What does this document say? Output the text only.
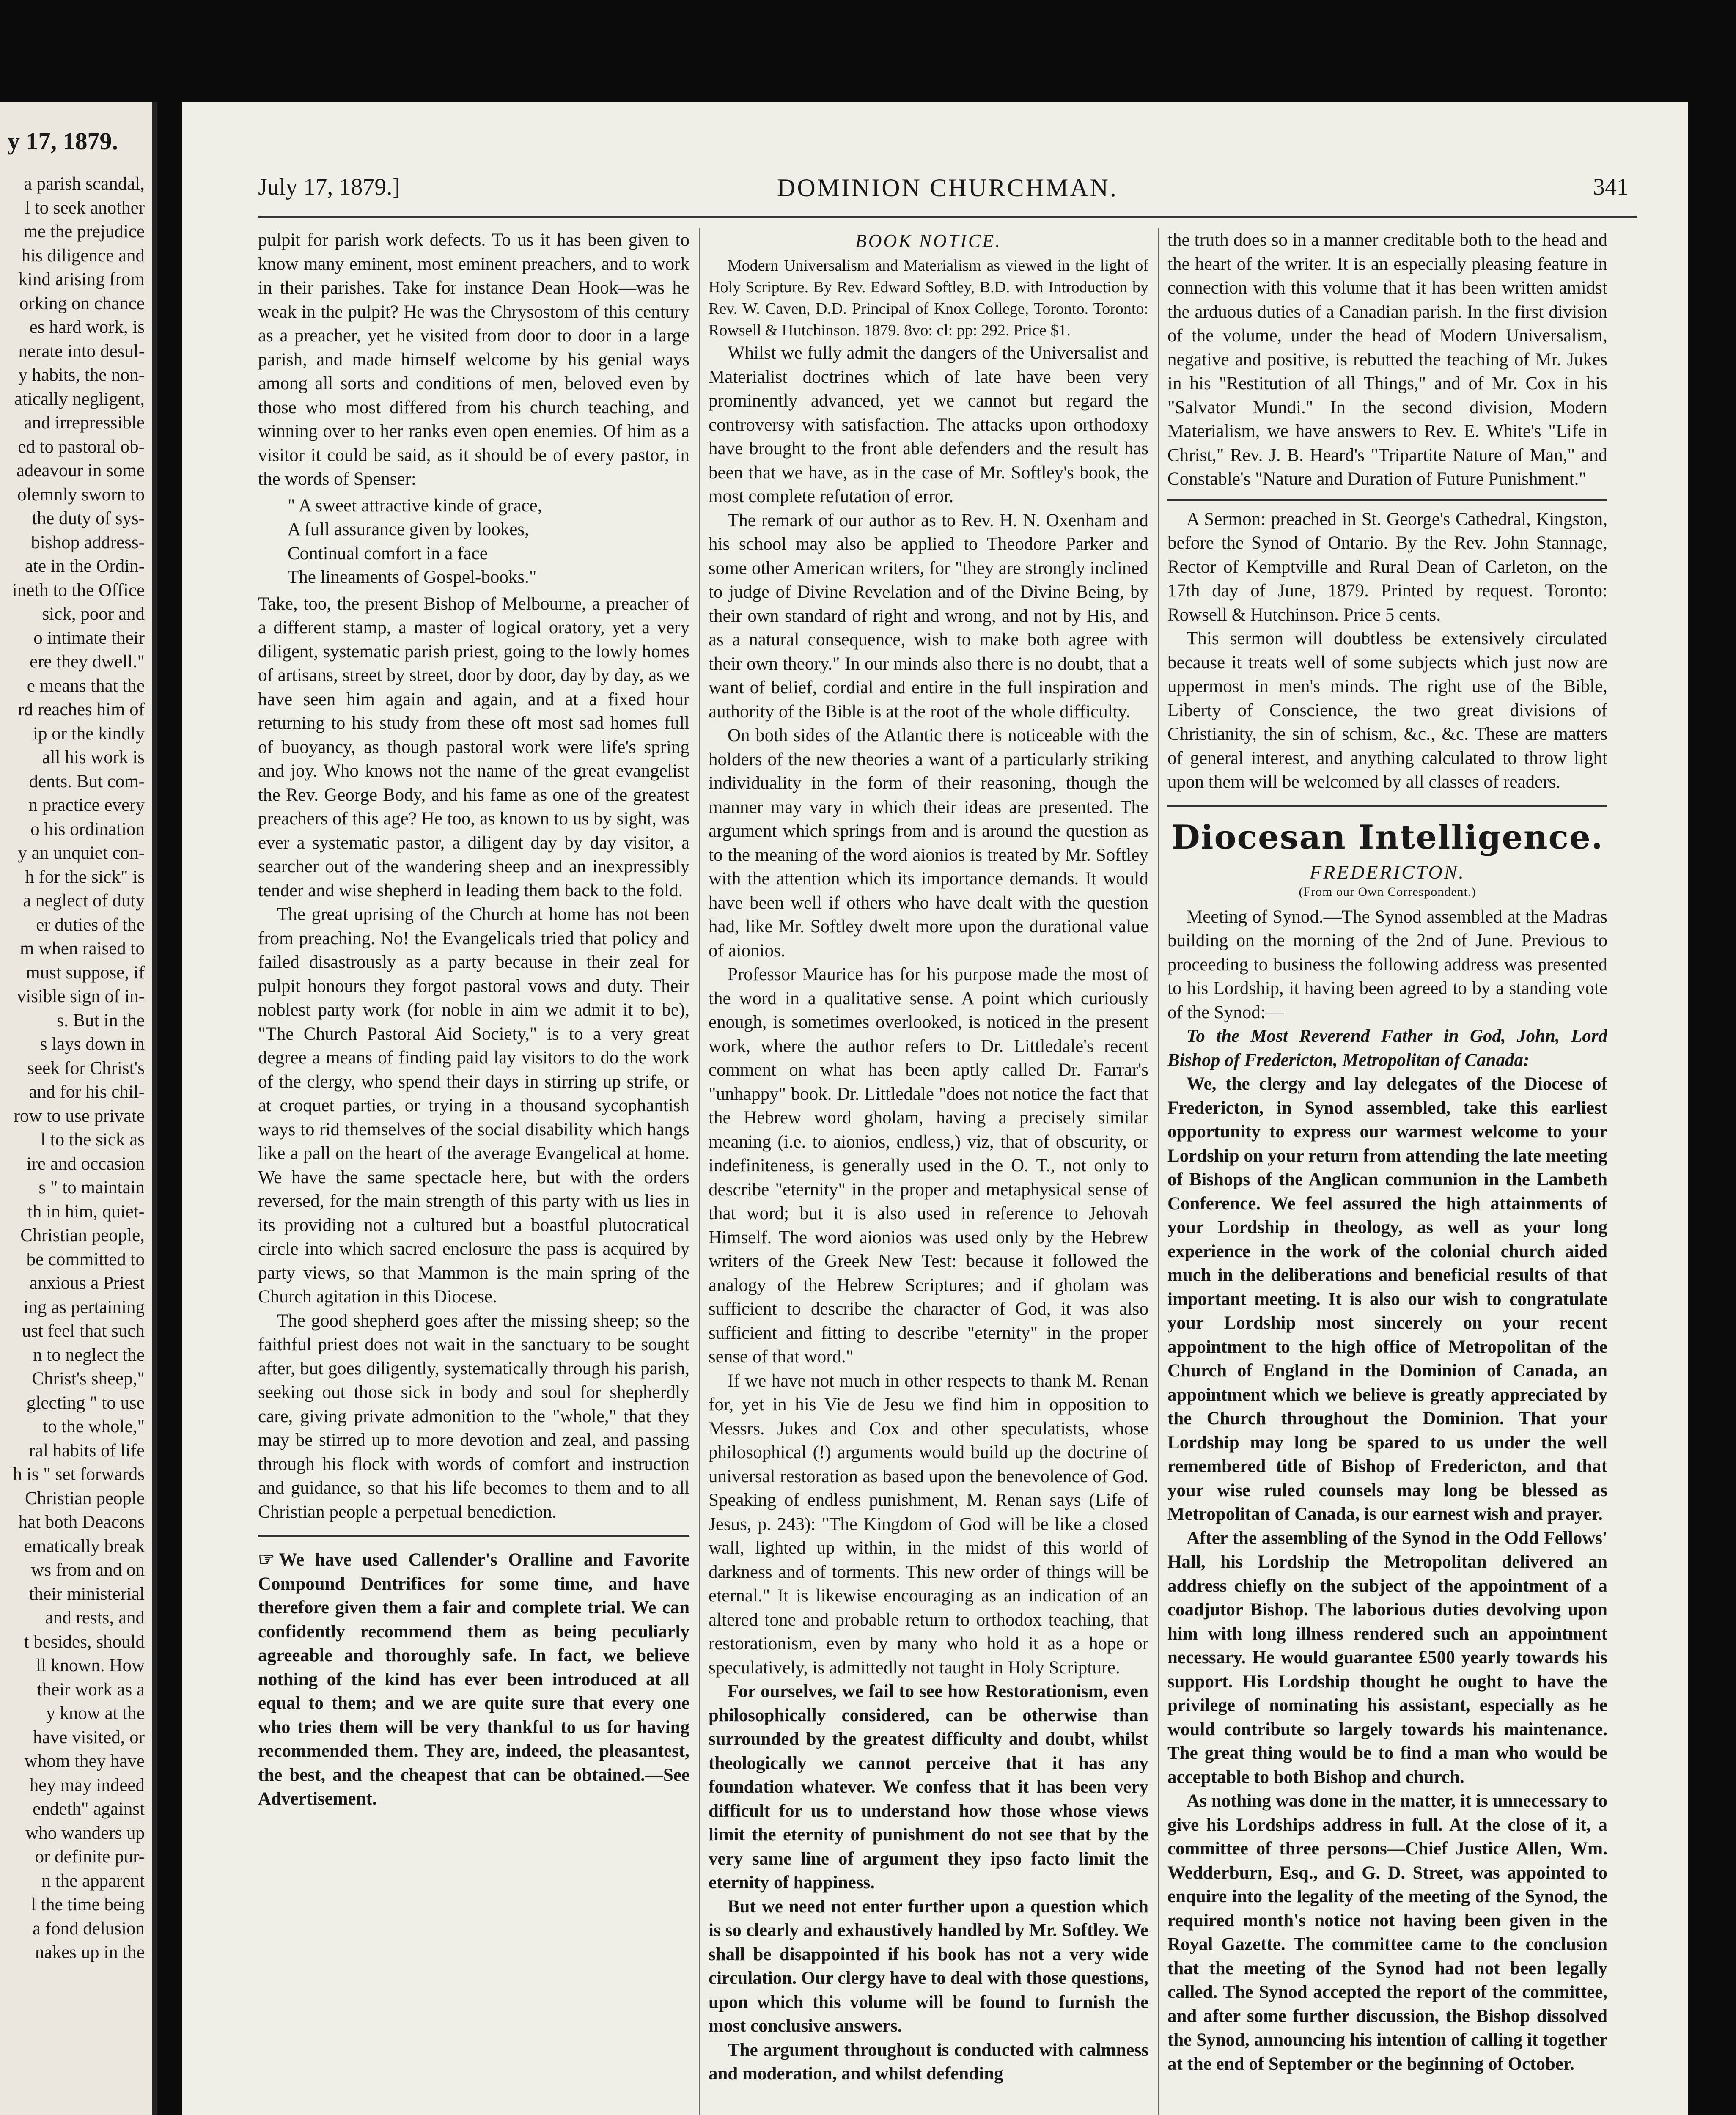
y 17, 1879.
a parish scandal,
l to seek another
me the prejudice
his diligence and
kind arising from
orking on chance
es hard work, is
nerate into desul-
y habits, the non-
atically negligent,
and irrepressible
ed to pastoral ob-
adeavour in some
olemnly sworn to
the duty of sys-
bishop address-
ate in the Ordin-
ineth to the Office
sick, poor and
o intimate their
ere they dwell."
e means that the
rd reaches him of
ip or the kindly
all his work is
dents. But com-
n practice every
o his ordination
y an unquiet con-
h for the sick" is
a neglect of duty
er duties of the
m when raised to
must suppose, if
visible sign of in-
s. But in the
s lays down in
seek for Christ's
and for his chil-
row to use private
l to the sick as
ire and occasion
s " to maintain
th in him, quiet-
Christian people,
be committed to
anxious a Priest
ing as pertaining
ust feel that such
n to neglect the
Christ's sheep,"
glecting " to use
to the whole,"
ral habits of life
h is " set forwards
Christian people
hat both Deacons
ematically break
ws from and on
their ministerial
and rests, and
t besides, should
ll known. How
their work as a
y know at the
have visited, or
whom they have
hey may indeed
endeth" against
who wanders up
or definite pur-
n the apparent
l the time being
a fond delusion
nakes up in the
July 17, 1879.]	DOMINION CHURCHMAN.	341

pulpit for parish work defects. To us it has been given to know many eminent, most eminent preachers, and to work in their parishes. Take for instance Dean Hook—was he weak in the pulpit? He was the Chrysostom of this century as a preacher, yet he visited from door to door in a large parish, and made himself welcome by his genial ways among all sorts and conditions of men, beloved even by those who most differed from his church teaching, and winning over to her ranks even open enemies. Of him as a visitor it could be said, as it should be of every pastor, in the words of Spenser:

" A sweet attractive kinde of grace,
A full assurance given by lookes,
Continual comfort in a face
The lineaments of Gospel-books."

Take, too, the present Bishop of Melbourne, a preacher of a different stamp, a master of logical oratory, yet a very diligent, systematic parish priest, going to the lowly homes of artisans, street by street, door by door, day by day, as we have seen him again and again, and at a fixed hour returning to his study from these oft most sad homes full of buoyancy, as though pastoral work were life's spring and joy. Who knows not the name of the great evangelist the Rev. George Body, and his fame as one of the greatest preachers of this age? He too, as known to us by sight, was ever a systematic pastor, a diligent day by day visitor, a searcher out of the wandering sheep and an inexpressibly tender and wise shepherd in leading them back to the fold.

The great uprising of the Church at home has not been from preaching. No! the Evangelicals tried that policy and failed disastrously as a party because in their zeal for pulpit honours they forgot pastoral vows and duty. Their noblest party work (for noble in aim we admit it to be), "The Church Pastoral Aid Society," is to a very great degree a means of finding paid lay visitors to do the work of the clergy, who spend their days in stirring up strife, or at croquet parties, or trying in a thousand sycophantish ways to rid themselves of the social disability which hangs like a pall on the heart of the average Evangelical at home. We have the same spectacle here, but with the orders reversed, for the main strength of this party with us lies in its providing not a cultured but a boastful plutocratical circle into which sacred enclosure the pass is acquired by party views, so that Mammon is the main spring of the Church agitation in this Diocese.

The good shepherd goes after the missing sheep; so the faithful priest does not wait in the sanctuary to be sought after, but goes diligently, systematically through his parish, seeking out those sick in body and soul for shepherdly care, giving private admonition to the "whole," that they may be stirred up to more devotion and zeal, and passing through his flock with words of comfort and instruction and guidance, so that his life becomes to them and to all Christian people a perpetual benediction.

☞ We have used Callender's Oralline and Favorite Compound Dentrifices for some time, and have therefore given them a fair and complete trial. We can confidently recommend them as being peculiarly agreeable and thoroughly safe. In fact, we believe nothing of the kind has ever been introduced at all equal to them; and we are quite sure that every one who tries them will be very thankful to us for having recommended them. They are, indeed, the pleasantest, the best, and the cheapest that can be obtained.—See Advertisement.

BOOK NOTICE.

Modern Universalism and Materialism as viewed in the light of Holy Scripture. By Rev. Edward Softley, B.D. with Introduction by Rev. W. Caven, D.D. Principal of Knox College, Toronto. Toronto: Rowsell & Hutchinson. 1879. 8vo: cl: pp: 292. Price $1.

Whilst we fully admit the dangers of the Universalist and Materialist doctrines which of late have been very prominently advanced, yet we cannot but regard the controversy with satisfaction. The attacks upon orthodoxy have brought to the front able defenders and the result has been that we have, as in the case of Mr. Softley's book, the most complete refutation of error.

The remark of our author as to Rev. H. N. Oxenham and his school may also be applied to Theodore Parker and some other American writers, for "they are strongly inclined to judge of Divine Revelation and of the Divine Being, by their own standard of right and wrong, and not by His, and as a natural consequence, wish to make both agree with their own theory." In our minds also there is no doubt, that a want of belief, cordial and entire in the full inspiration and authority of the Bible is at the root of the whole difficulty.

On both sides of the Atlantic there is noticeable with the holders of the new theories a want of a particularly striking individuality in the form of their reasoning, though the manner may vary in which their ideas are presented. The argument which springs from and is around the question as to the meaning of the word aionios is treated by Mr. Softley with the attention which its importance demands. It would have been well if others who have dealt with the question had, like Mr. Softley dwelt more upon the durational value of aionios.

Professor Maurice has for his purpose made the most of the word in a qualitative sense. A point which curiously enough, is sometimes overlooked, is noticed in the present work, where the author refers to Dr. Littledale's recent comment on what has been aptly called Dr. Farrar's "unhappy" book. Dr. Littledale "does not notice the fact that the Hebrew word gholam, having a precisely similar meaning (i.e. to aionios, endless,) viz, that of obscurity, or indefiniteness, is generally used in the O. T., not only to describe "eternity" in the proper and metaphysical sense of that word; but it is also used in reference to Jehovah Himself. The word aionios was used only by the Hebrew writers of the Greek New Test: because it followed the analogy of the Hebrew Scriptures; and if gholam was sufficient to describe the character of God, it was also sufficient and fitting to describe "eternity" in the proper sense of that word."

If we have not much in other respects to thank M. Renan for, yet in his Vie de Jesu we find him in opposition to Messrs. Jukes and Cox and other speculatists, whose philosophical (!) arguments would build up the doctrine of universal restoration as based upon the benevolence of God. Speaking of endless punishment, M. Renan says (Life of Jesus, p. 243): "The Kingdom of God will be like a closed wall, lighted up within, in the midst of this world of darkness and of torments. This new order of things will be eternal." It is likewise encouraging as an indication of an altered tone and probable return to orthodox teaching, that restorationism, even by many who hold it as a hope or speculatively, is admittedly not taught in Holy Scripture.

For ourselves, we fail to see how Restorationism, even philosophically considered, can be otherwise than surrounded by the greatest difficulty and doubt, whilst theologically we cannot perceive that it has any foundation whatever. We confess that it has been very difficult for us to understand how those whose views limit the eternity of punishment do not see that by the very same line of argument they ipso facto limit the eternity of happiness.

But we need not enter further upon a question which is so clearly and exhaustively handled by Mr. Softley. We shall be disappointed if his book has not a very wide circulation. Our clergy have to deal with those questions, upon which this volume will be found to furnish the most conclusive answers.

The argument throughout is conducted with calmness and moderation, and whilst defending

the truth does so in a manner creditable both to the head and the heart of the writer. It is an especially pleasing feature in connection with this volume that it has been written amidst the arduous duties of a Canadian parish. In the first division of the volume, under the head of Modern Universalism, negative and positive, is rebutted the teaching of Mr. Jukes in his "Restitution of all Things," and of Mr. Cox in his "Salvator Mundi." In the second division, Modern Materialism, we have answers to Rev. E. White's "Life in Christ," Rev. J. B. Heard's "Tripartite Nature of Man," and Constable's "Nature and Duration of Future Punishment."

A Sermon: preached in St. George's Cathedral, Kingston, before the Synod of Ontario. By the Rev. John Stannage, Rector of Kemptville and Rural Dean of Carleton, on the 17th day of June, 1879. Printed by request. Toronto: Rowsell & Hutchinson. Price 5 cents.

This sermon will doubtless be extensively circulated because it treats well of some subjects which just now are uppermost in men's minds. The right use of the Bible, Liberty of Conscience, the two great divisions of Christianity, the sin of schism, &c., &c. These are matters of general interest, and anything calculated to throw light upon them will be welcomed by all classes of readers.

Diocesan Intelligence.
FREDERICTON.
(From our Own Correspondent.)

Meeting of Synod.—The Synod assembled at the Madras building on the morning of the 2nd of June. Previous to proceeding to business the following address was presented to his Lordship, it having been agreed to by a standing vote of the Synod:—

To the Most Reverend Father in God, John, Lord Bishop of Fredericton, Metropolitan of Canada:

We, the clergy and lay delegates of the Diocese of Fredericton, in Synod assembled, take this earliest opportunity to express our warmest welcome to your Lordship on your return from attending the late meeting of Bishops of the Anglican communion in the Lambeth Conference. We feel assured the high attainments of your Lordship in theology, as well as your long experience in the work of the colonial church aided much in the deliberations and beneficial results of that important meeting. It is also our wish to congratulate your Lordship most sincerely on your recent appointment to the high office of Metropolitan of the Church of England in the Dominion of Canada, an appointment which we believe is greatly appreciated by the Church throughout the Dominion. That your Lordship may long be spared to us under the well remembered title of Bishop of Fredericton, and that your wise ruled counsels may long be blessed as Metropolitan of Canada, is our earnest wish and prayer.

After the assembling of the Synod in the Odd Fellows' Hall, his Lordship the Metropolitan delivered an address chiefly on the subject of the appointment of a coadjutor Bishop. The laborious duties devolving upon him with long illness rendered such an appointment necessary. He would guarantee £500 yearly towards his support. His Lordship thought he ought to have the privilege of nominating his assistant, especially as he would contribute so largely towards his maintenance. The great thing would be to find a man who would be acceptable to both Bishop and church.

As nothing was done in the matter, it is unnecessary to give his Lordships address in full. At the close of it, a committee of three persons—Chief Justice Allen, Wm. Wedderburn, Esq., and G. D. Street, was appointed to enquire into the legality of the meeting of the Synod, the required month's notice not having been given in the Royal Gazette. The committee came to the conclusion that the meeting of the Synod had not been legally called. The Synod accepted the report of the committee, and after some further discussion, the Bishop dissolved the Synod, announcing his intention of calling it together at the end of September or the beginning of October.
